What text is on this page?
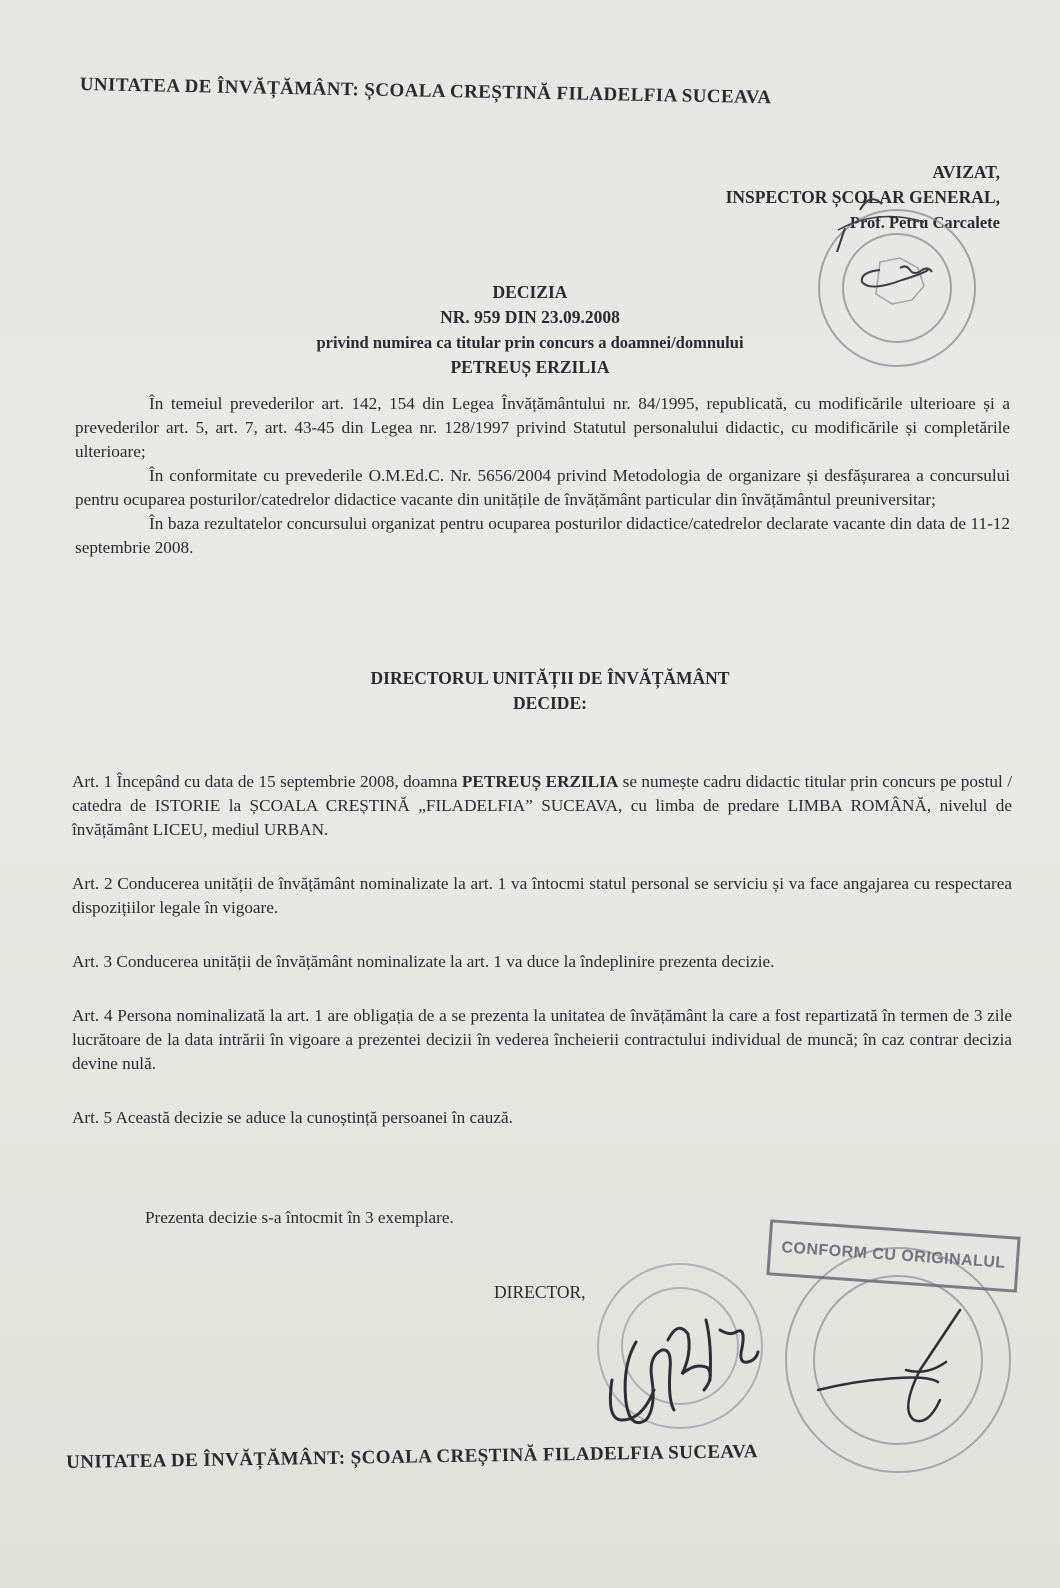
UNITATEA DE ÎNVĂȚĂMÂNT: ȘCOALA CREȘTINĂ FILADELFIA SUCEAVA
AVIZAT,
INSPECTOR ȘCOLAR GENERAL,
Prof. Petru Carcalete
DECIZIA
NR. 959 DIN 23.09.2008
privind numirea ca titular prin concurs a doamnei/domnului
PETREUȘ ERZILIA

În temeiul prevederilor art. 142, 154 din Legea Învățământului nr. 84/1995, republicată, cu modificările ulterioare și a prevederilor art. 5, art. 7, art. 43-45 din Legea nr. 128/1997 privind Statutul personalului didactic, cu modificările și completările ulterioare;

În conformitate cu prevederile O.M.Ed.C. Nr. 5656/2004 privind Metodologia de organizare și desfășurarea a concursului pentru ocuparea posturilor/catedrelor didactice vacante din unitățile de învățământ particular din învățământul preuniversitar;

În baza rezultatelor concursului organizat pentru ocuparea posturilor didactice/catedrelor declarate vacante din data de 11-12 septembrie 2008.

DIRECTORUL UNITĂȚII DE ÎNVĂȚĂMÂNT
DECIDE:

Art. 1 Începând cu data de 15 septembrie 2008, doamna PETREUȘ ERZILIA se numește cadru didactic titular prin concurs pe postul / catedra de ISTORIE la ȘCOALA CREȘTINĂ „FILADELFIA” SUCEAVA, cu limba de predare LIMBA ROMÂNĂ, nivelul de învățământ LICEU, mediul URBAN.

Art. 2 Conducerea unității de învățământ nominalizate la art. 1 va întocmi statul personal se serviciu și va face angajarea cu respectarea dispozițiilor legale în vigoare.

Art. 3 Conducerea unității de învățământ nominalizate la art. 1 va duce la îndeplinire prezenta decizie.

Art. 4 Persona nominalizată la art. 1 are obligația de a se prezenta la unitatea de învățământ la care a fost repartizată în termen de 3 zile lucrătoare de la data intrării în vigoare a prezentei decizii în vederea încheierii contractului individual de muncă; în caz contrar decizia devine nulă.

Art. 5 Această decizie se aduce la cunoștință persoanei în cauză.

Prezenta decizie s-a întocmit în 3 exemplare.
DIRECTOR,
CONFORM CU ORIGINALUL
UNITATEA DE ÎNVĂȚĂMÂNT: ȘCOALA CREȘTINĂ FILADELFIA SUCEAVA
